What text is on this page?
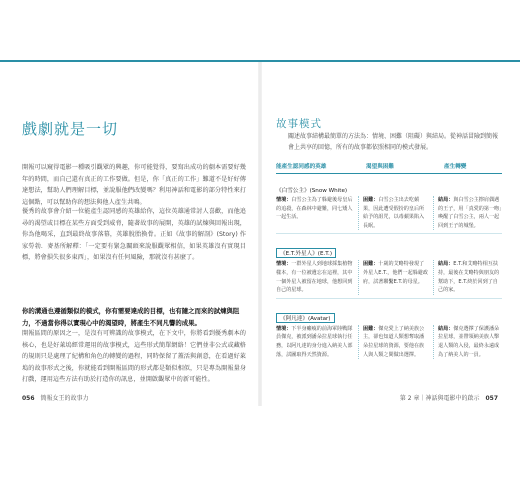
戲劇就是一切
開報可以窺得電影一種吸引觀眾的興趣，你可能覺得，要寫出成功的劇本需要好幾年的時間，而自己還有真正的工作要做。但是，你「真正的工作」難道不是好好傳達想法，幫助人們理解目標，並說服他們改變嗎？利用神話和電影的部分特性來打這個點，可以幫助你的想法與他人產生共鳴。
優秀的故事會介紹一位能產生認同感的英雄給你，這位英雄通常討人喜歡，而他追尋的渴望或目標在某些方面受到威脅，隨著故事的展開，英雄的試煉與回報出現，你為他喝采，直到最終故事落幕，英雄脫胎換骨。正如《故事的解剖》(Story) 作家勞勃．麥基所解釋：「一定要有緊急關頭來說服觀眾相信，如果英雄沒有實現目標，將會損失很多東西」，如果沒有任何風險，那就沒有甚麼了。
你的溝通也遵循類似的模式，你有需要達成的目標，也有隨之而來的試煉與阻力，不過當你得以實現心中的渴望時，將產生不同凡響的成果。
開報區間的原因之一，是沒有可辨識的故事模式，在下文中，你將看到優秀劇本的核心，也是好萊塢經常運用的故事模式，這些形式簡單網絡！它們並非公式或藏格的規則只是處理了紀構和角色的轉變的過程，同時保留了蓋活與創意，在看過好萊塢的故事形式之後，你就能看到開報區間的形式都是類似相似，只是專為開報量身打戲，運用這些方法有助於打造你的訊息，並開啟觀眾中的新可能性。
056 簡報女王的故事力
故事模式
關述故事結構最簡單的方法為：情境、困難（阻礙）與結局。從神話冒險到簡報會上共享的回憶，所有的故事都依照相同的模式發展。
能產生認同感的英雄	渴望與困難	產生轉變
《白雪公主》(Snow White)
情境：白雪公主為了躲避後母皇后的追殺，在森林中避難，同七矮人一起生活。
困難：白雪公主出去吃蘋果，因此遭受假扮的皇后所給予的詛咒，以毒蘋果陷入長眠。
結局：與白雪公主擦肩偶遇的王子，用「真愛的第一吻」喚醒了白雪公主，兩人一起回到王子的城堡。
《E.T.外星人》(E.T.)
情境：一群外星人到地球採集植物樣本，有一位被遺忘在這裡，其中一個外星人被留在地球，他想回到自己的星球。
困難：十歲的艾略特發現了外星人E.T.，他們一起躲避政府，試著聯繫E.T.的母星。
結局：E.T.和艾略特相互扶持，最後在艾略特與朋友的幫助下，E.T.終於回到了自己的家。
《阿凡達》(Avatar)
情境：下半身癱瘓的前海軍陸戰隊員傑克，被派到潘朵拉星球執行任務，以阿凡達的身分進入納美人部落，試圖取得天然資源。
困難：傑克愛上了納美族公主，卻也知道人類想奪取潘朵拉星球的資源，要他在族人與人類之間做出選擇。
結局：傑克選擇了保護潘朵拉星球，並帶領納美族人擊退人類的入侵，最終永遠成為了納美人的一員。
第 2 章｜神話與電影中的啟示 057
